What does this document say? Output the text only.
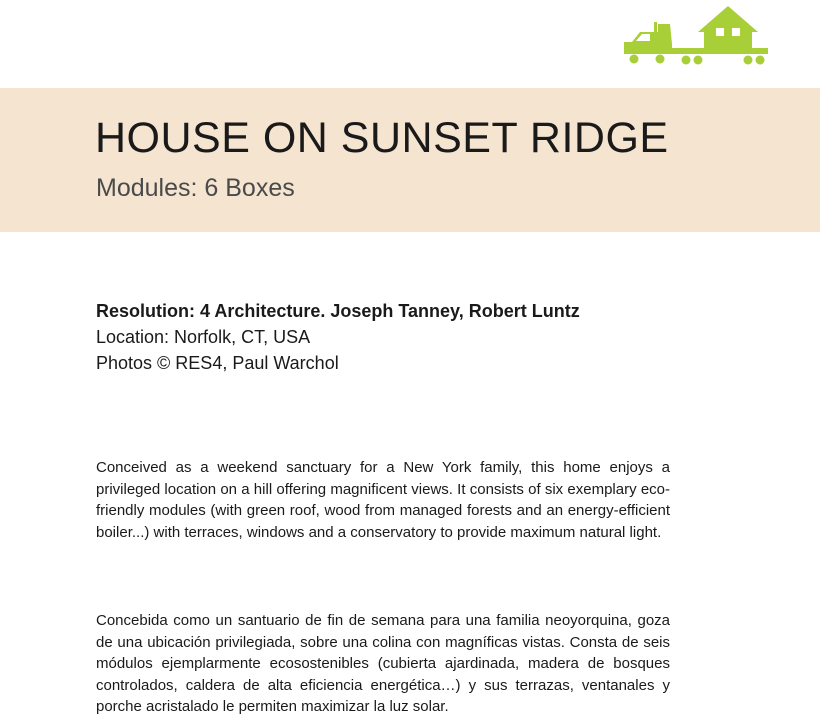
HOUSE ON SUNSET RIDGE
Modules: 6 Boxes
Resolution: 4 Architecture. Joseph Tanney, Robert Luntz
Location: Norfolk, CT, USA
Photos © RES4, Paul Warchol

Conceived as a weekend sanctuary for a New York family, this home enjoys a privileged location on a hill offering magnificent views. It consists of six exemplary eco-friendly modules (with green roof, wood from managed forests and an energy-efficient boiler...) with terraces, windows and a conservatory to provide maximum natural light.

Concebida como un santuario de fin de semana para una familia neoyorquina, goza de una ubicación privilegiada, sobre una colina con magníficas vistas. Consta de seis módulos ejemplarmente ecosostenibles (cubierta ajardinada, madera de bosques controlados, caldera de alta eficiencia energética…) y sus terrazas, ventanales y porche acristalado le permiten maximizar la luz solar.
